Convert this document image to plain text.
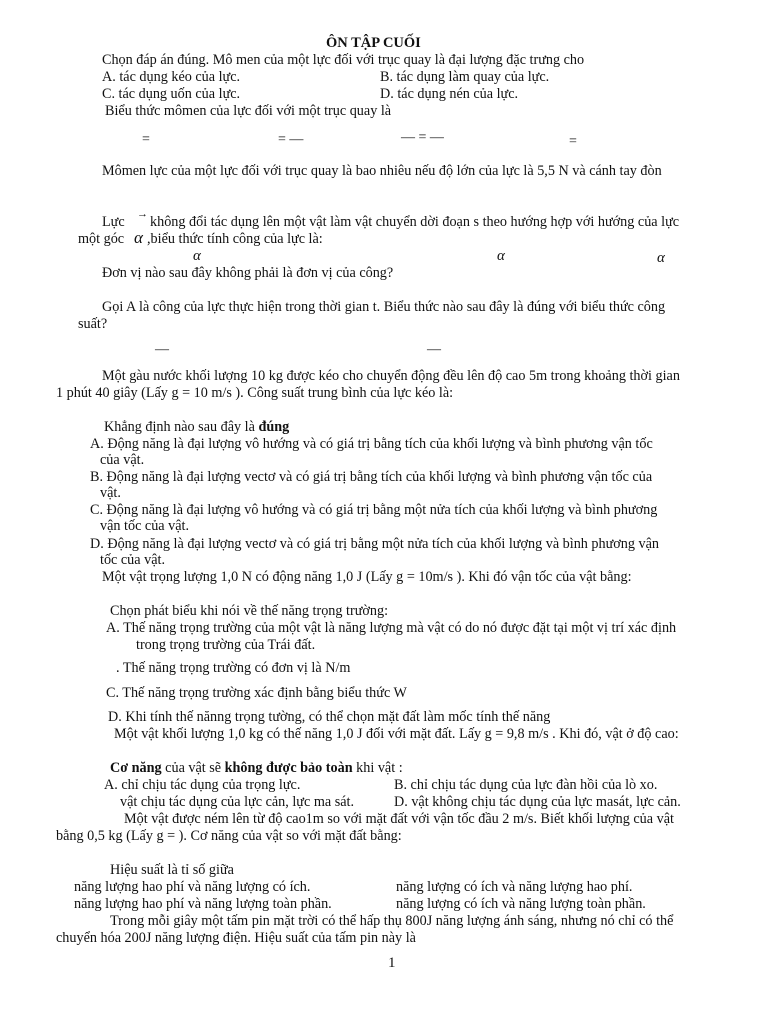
ÔN TẬP CUỐI
Chọn đáp án đúng. Mô men của một lực đối với trục quay là đại lượng đặc trưng cho
A. tác dụng kéo của lực.	B. tác dụng làm quay của lực.
C. tác dụng uốn của lực.	D. tác dụng nén của lực.
Biểu thức mômen của lực đối với một trục quay là
=	= —	— = —	=
Mômen lực của một lực đối với trục quay là bao nhiêu nếu độ lớn của lực là 5,5 N và cánh tay đòn
Lực → không đổi tác dụng lên một vật làm vật chuyển dời đoạn s theo hướng hợp với hướng của lực
một góc α ,biểu thức tính công của lực là:
α	α	α
Đơn vị nào sau đây không phải là đơn vị của công?
Gọi A là công của lực thực hiện trong thời gian t. Biểu thức nào sau đây là đúng với biểu thức công
suất?
—	—
Một gàu nước khối lượng 10 kg được kéo cho chuyển động đều lên độ cao 5m trong khoảng thời gian
1 phút 40 giây (Lấy g = 10 m/s ). Công suất trung bình của lực kéo là:
Khẳng định nào sau đây là đúng
A. Động năng là đại lượng vô hướng và có giá trị bằng tích của khối lượng và bình phương vận tốc
của vật.
B. Động năng là đại lượng vectơ và có giá trị bằng tích của khối lượng và bình phương vận tốc của
vật.
C. Động năng là đại lượng vô hướng và có giá trị bằng một nửa tích của khối lượng và bình phương
vận tốc của vật.
D. Động năng là đại lượng vectơ và có giá trị bằng một nửa tích của khối lượng và bình phương vận
tốc của vật.
Một vật trọng lượng 1,0 N có động năng 1,0 J (Lấy g = 10m/s ). Khi đó vận tốc của vật bằng:
Chọn phát biểu khi nói về thế năng trọng trường:
A. Thế năng trọng trường của một vật là năng lượng mà vật có do nó được đặt tại một vị trí xác định
trong trọng trường của Trái đất.
. Thế năng trọng trường có đơn vị là N/m
C. Thế năng trọng trường xác định bằng biểu thức W
D. Khi tính thế nănng trọng tường, có thể chọn mặt đất làm mốc tính thế năng
Một vật khối lượng 1,0 kg có thế năng 1,0 J đối với mặt đất. Lấy g = 9,8 m/s . Khi đó, vật ở độ cao:
Cơ năng của vật sẽ không được bảo toàn khi vật :
A. chỉ chịu tác dụng của trọng lực.	B. chỉ chịu tác dụng của lực đàn hồi của lò xo.
vật chịu tác dụng của lực cản, lực ma sát.	D. vật không chịu tác dụng của lực masát, lực cản.
Một vật được ném lên từ độ cao1m so với mặt đất với vận tốc đầu 2 m/s. Biết khối lượng của vật
bằng 0,5 kg (Lấy g = ). Cơ năng của vật so với mặt đất bằng:
Hiệu suất là tỉ số giữa
năng lượng hao phí và năng lượng có ích.	năng lượng có ích và năng lượng hao phí.
năng lượng hao phí và năng lượng toàn phần.	năng lượng có ích và năng lượng toàn phần.
Trong mỗi giây một tấm pin mặt trời có thể hấp thụ 800J năng lượng ánh sáng, nhưng nó chỉ có thể
chuyển hóa 200J năng lượng điện. Hiệu suất của tấm pin này là
1
